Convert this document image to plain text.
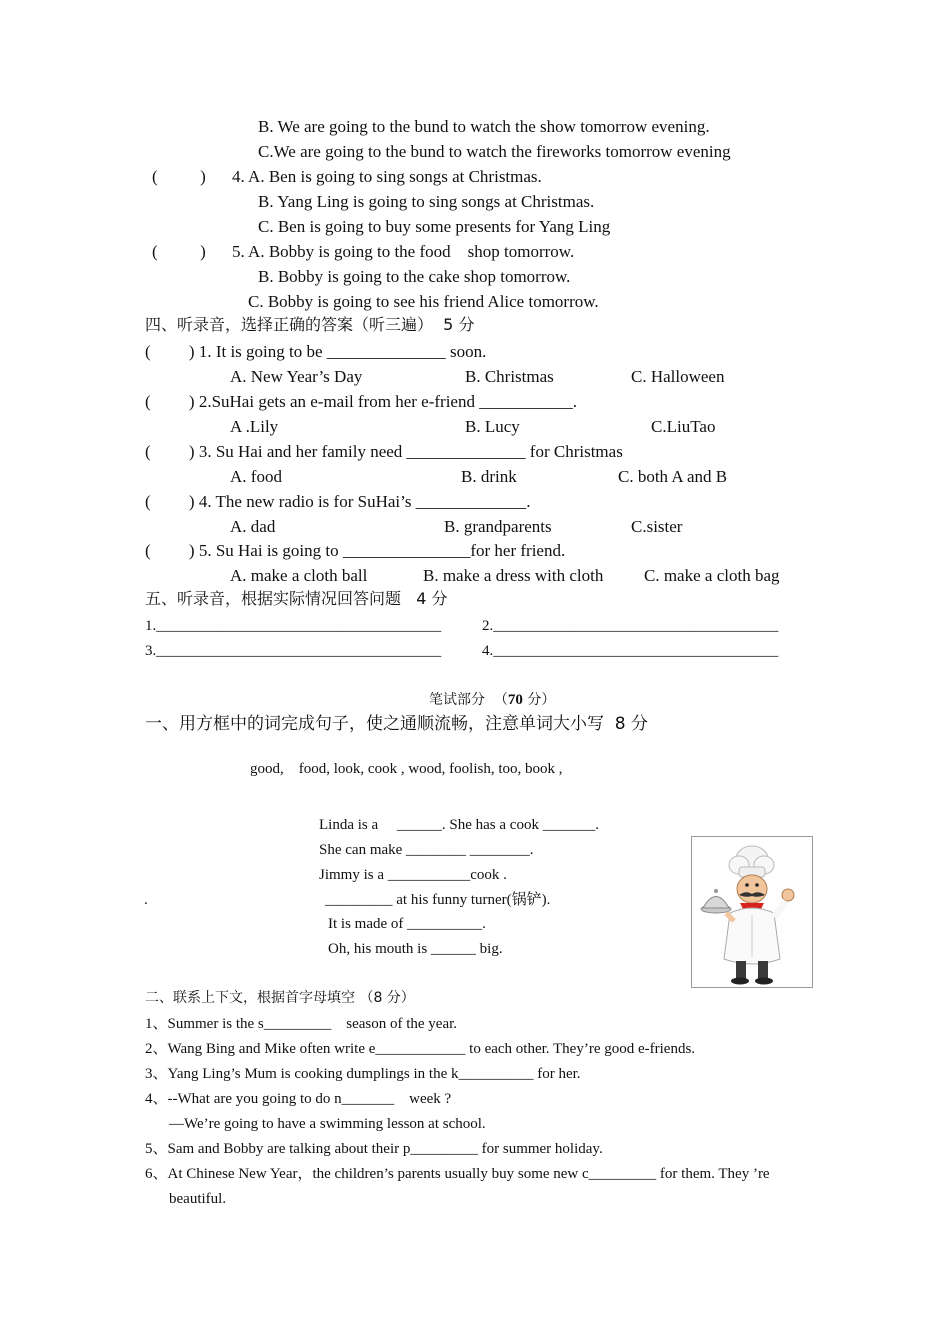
B. We are going to the bund to watch the show tomorrow evening.
C.We are going to the bund to watch the fireworks tomorrow evening
(          ) 4. A. Ben is going to sing songs at Christmas.
B. Yang Ling is going to sing songs at Christmas.
C. Ben is going to buy some presents for Yang Ling
(          ) 5. A. Bobby is going to the food    shop tomorrow.
B. Bobby is going to the cake shop tomorrow.
C. Bobby is going to see his friend Alice tomorrow.
四、听录音，选择正确的答案（听三遍）  5 分
(         ) 1. It is going to be ______________ soon.
A. New Year’s Day	B. Christmas	C. Halloween
(         ) 2.SuHai gets an e-mail from her e-friend ___________.
A .Lily	B. Lucy	C.LiuTao
(         ) 3. Su Hai and her family need ______________ for Christmas
A. food	B. drink	C. both A and B
(         ) 4. The new radio is for SuHai’s _____________.
A. dad	B. grandparents	C.sister
(         ) 5. Su Hai is going to _______________for her friend.
A. make a cloth ball	B. make a dress with cloth C. make a cloth bag
五、听录音，根据实际情况回答问题   4 分
1.______________________________________	2.______________________________________
3.______________________________________	4.______________________________________
笔试部分  （70 分）
一、用方框中的词完成句子，使之通顺流畅，注意单词大小写  8 分
good,    food, look, cook , wood, foolish, too, book ,
Linda is a     ______. She has a cook _______.
She can make ________ ________.
Jimmy is a ___________cook .
.	_________ at his funny turner(锅铲).
It is made of __________.
Oh, his mouth is ______ big.
二、联系上下文，根据首字母填空 （8 分）
1、Summer is the s_________    season of the year.
2、Wang Bing and Mike often write e____________ to each other. They’re good e-friends.
3、Yang Ling’s Mum is cooking dumplings in the k__________ for her.
4、--What are you going to do n_______    week ?
—We’re going to have a swimming lesson at school.
5、Sam and Bobby are talking about their p_________ for summer holiday.
6、At Chinese New Year，the children’s parents usually buy some new c_________ for them. They ’re
beautiful.
